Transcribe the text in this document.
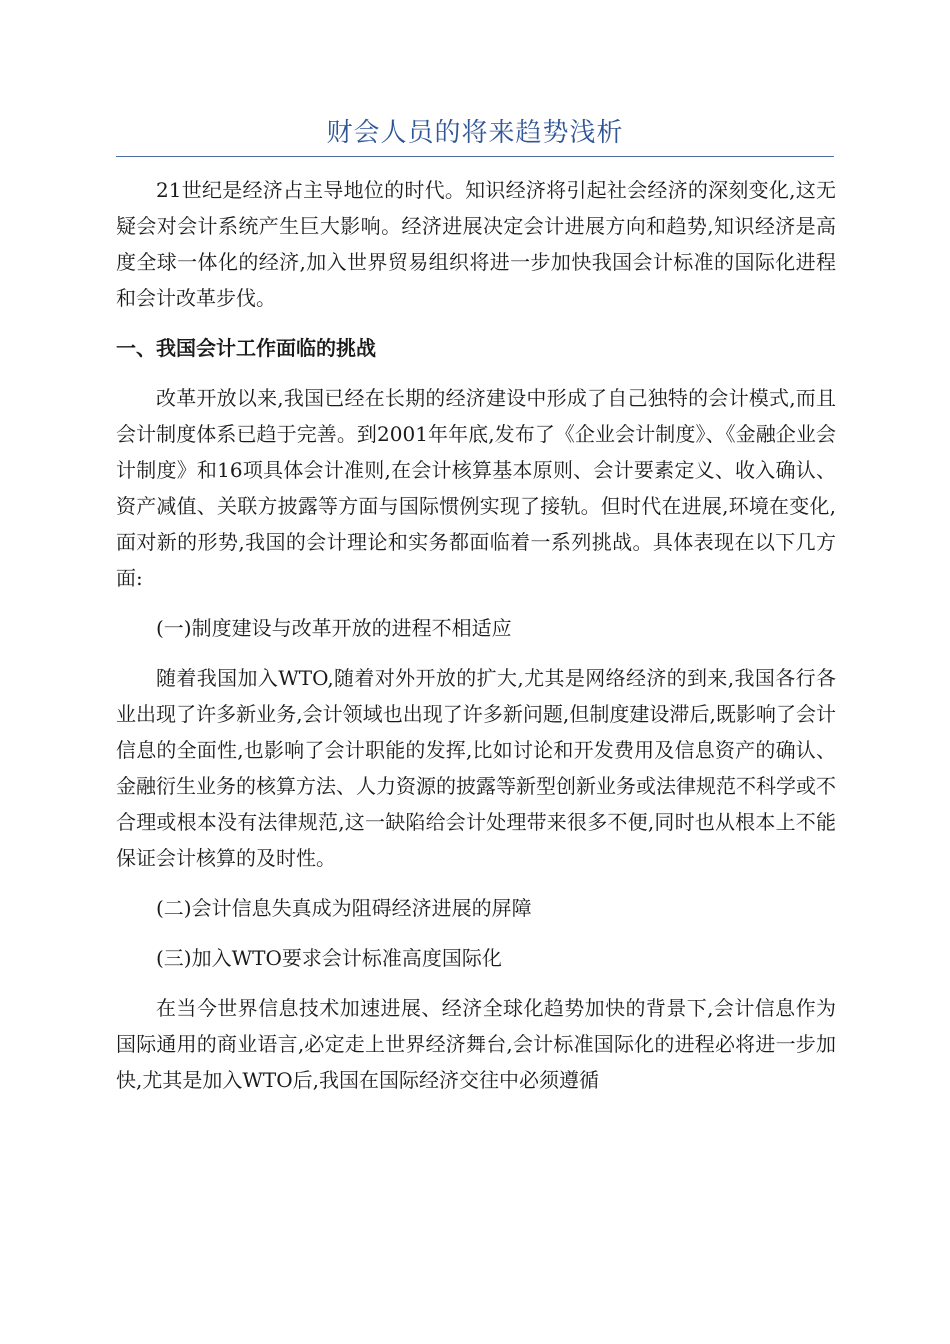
财会人员的将来趋势浅析

21世纪是经济占主导地位的时代。知识经济将引起社会经济的深刻变化,这无疑会对会计系统产生巨大影响。经济进展决定会计进展方向和趋势,知识经济是高度全球一体化的经济,加入世界贸易组织将进一步加快我国会计标准的国际化进程和会计改革步伐。

一、我国会计工作面临的挑战

改革开放以来,我国已经在长期的经济建设中形成了自己独特的会计模式,而且会计制度体系已趋于完善。到2001年年底,发布了《企业会计制度》、《金融企业会计制度》和16项具体会计准则,在会计核算基本原则、会计要素定义、收入确认、资产减值、关联方披露等方面与国际惯例实现了接轨。但时代在进展,环境在变化,面对新的形势,我国的会计理论和实务都面临着一系列挑战。具体表现在以下几方面:

(一)制度建设与改革开放的进程不相适应

随着我国加入WTO,随着对外开放的扩大,尤其是网络经济的到来,我国各行各业出现了许多新业务,会计领域也出现了许多新问题,但制度建设滞后,既影响了会计信息的全面性,也影响了会计职能的发挥,比如讨论和开发费用及信息资产的确认、金融衍生业务的核算方法、人力资源的披露等新型创新业务或法律规范不科学或不合理或根本没有法律规范,这一缺陷给会计处理带来很多不便,同时也从根本上不能保证会计核算的及时性。

(二)会计信息失真成为阻碍经济进展的屏障

(三)加入WTO要求会计标准高度国际化

在当今世界信息技术加速进展、经济全球化趋势加快的背景下,会计信息作为国际通用的商业语言,必定走上世界经济舞台,会计标准国际化的进程必将进一步加快,尤其是加入WTO后,我国在国际经济交往中必须遵循
